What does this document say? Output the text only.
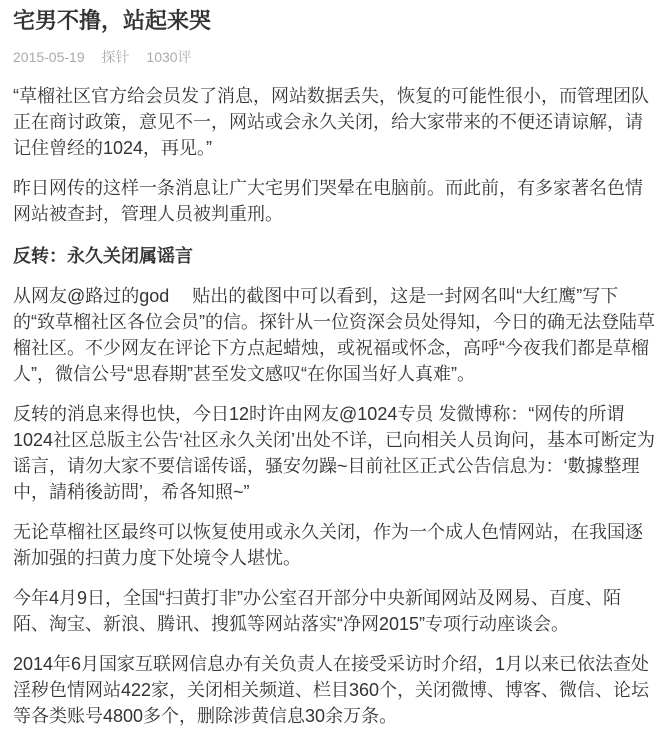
宅男不撸，站起来哭
2015-05-19 探针 1030评

“草榴社区官方给会员发了消息，网站数据丢失，恢复的可能性很小，而管理团队正在商讨政策，意见不一，网站或会永久关闭，给大家带来的不便还请谅解，请记住曾经的1024，再见。”

昨日网传的这样一条消息让广大宅男们哭晕在电脑前。而此前，有多家著名色情网站被查封，管理人员被判重刑。

反转：永久关闭属谣言

从网友@路过的god　 贴出的截图中可以看到，这是一封网名叫“大红鹰”写下的“致草榴社区各位会员”的信。探针从一位资深会员处得知，今日的确无法登陆草榴社区。不少网友在评论下方点起蜡烛，或祝福或怀念，高呼“今夜我们都是草榴人”，微信公号“思春期”甚至发文感叹“在你国当好人真难”。

反转的消息来得也快，今日12时许由网友@1024专员 发微博称：“网传的所谓1024社区总版主公告‘社区永久关闭’出处不详，已向相关人员询问，基本可断定为谣言，请勿大家不要信谣传谣，骚安勿躁~目前社区正式公告信息为：‘數據整理中，請稍後訪問’，希各知照~”

无论草榴社区最终可以恢复使用或永久关闭，作为一个成人色情网站，在我国逐渐加强的扫黄力度下处境令人堪忧。

今年4月9日，全国“扫黄打非”办公室召开部分中央新闻网站及网易、百度、陌陌、淘宝、新浪、腾讯、搜狐等网站落实“净网2015”专项行动座谈会。

2014年6月国家互联网信息办有关负责人在接受采访时介绍，1月以来已依法查处淫秽色情网站422家，关闭相关频道、栏目360个，关闭微博、博客、微信、论坛等各类账号4800多个，删除涉黄信息30余万条。
